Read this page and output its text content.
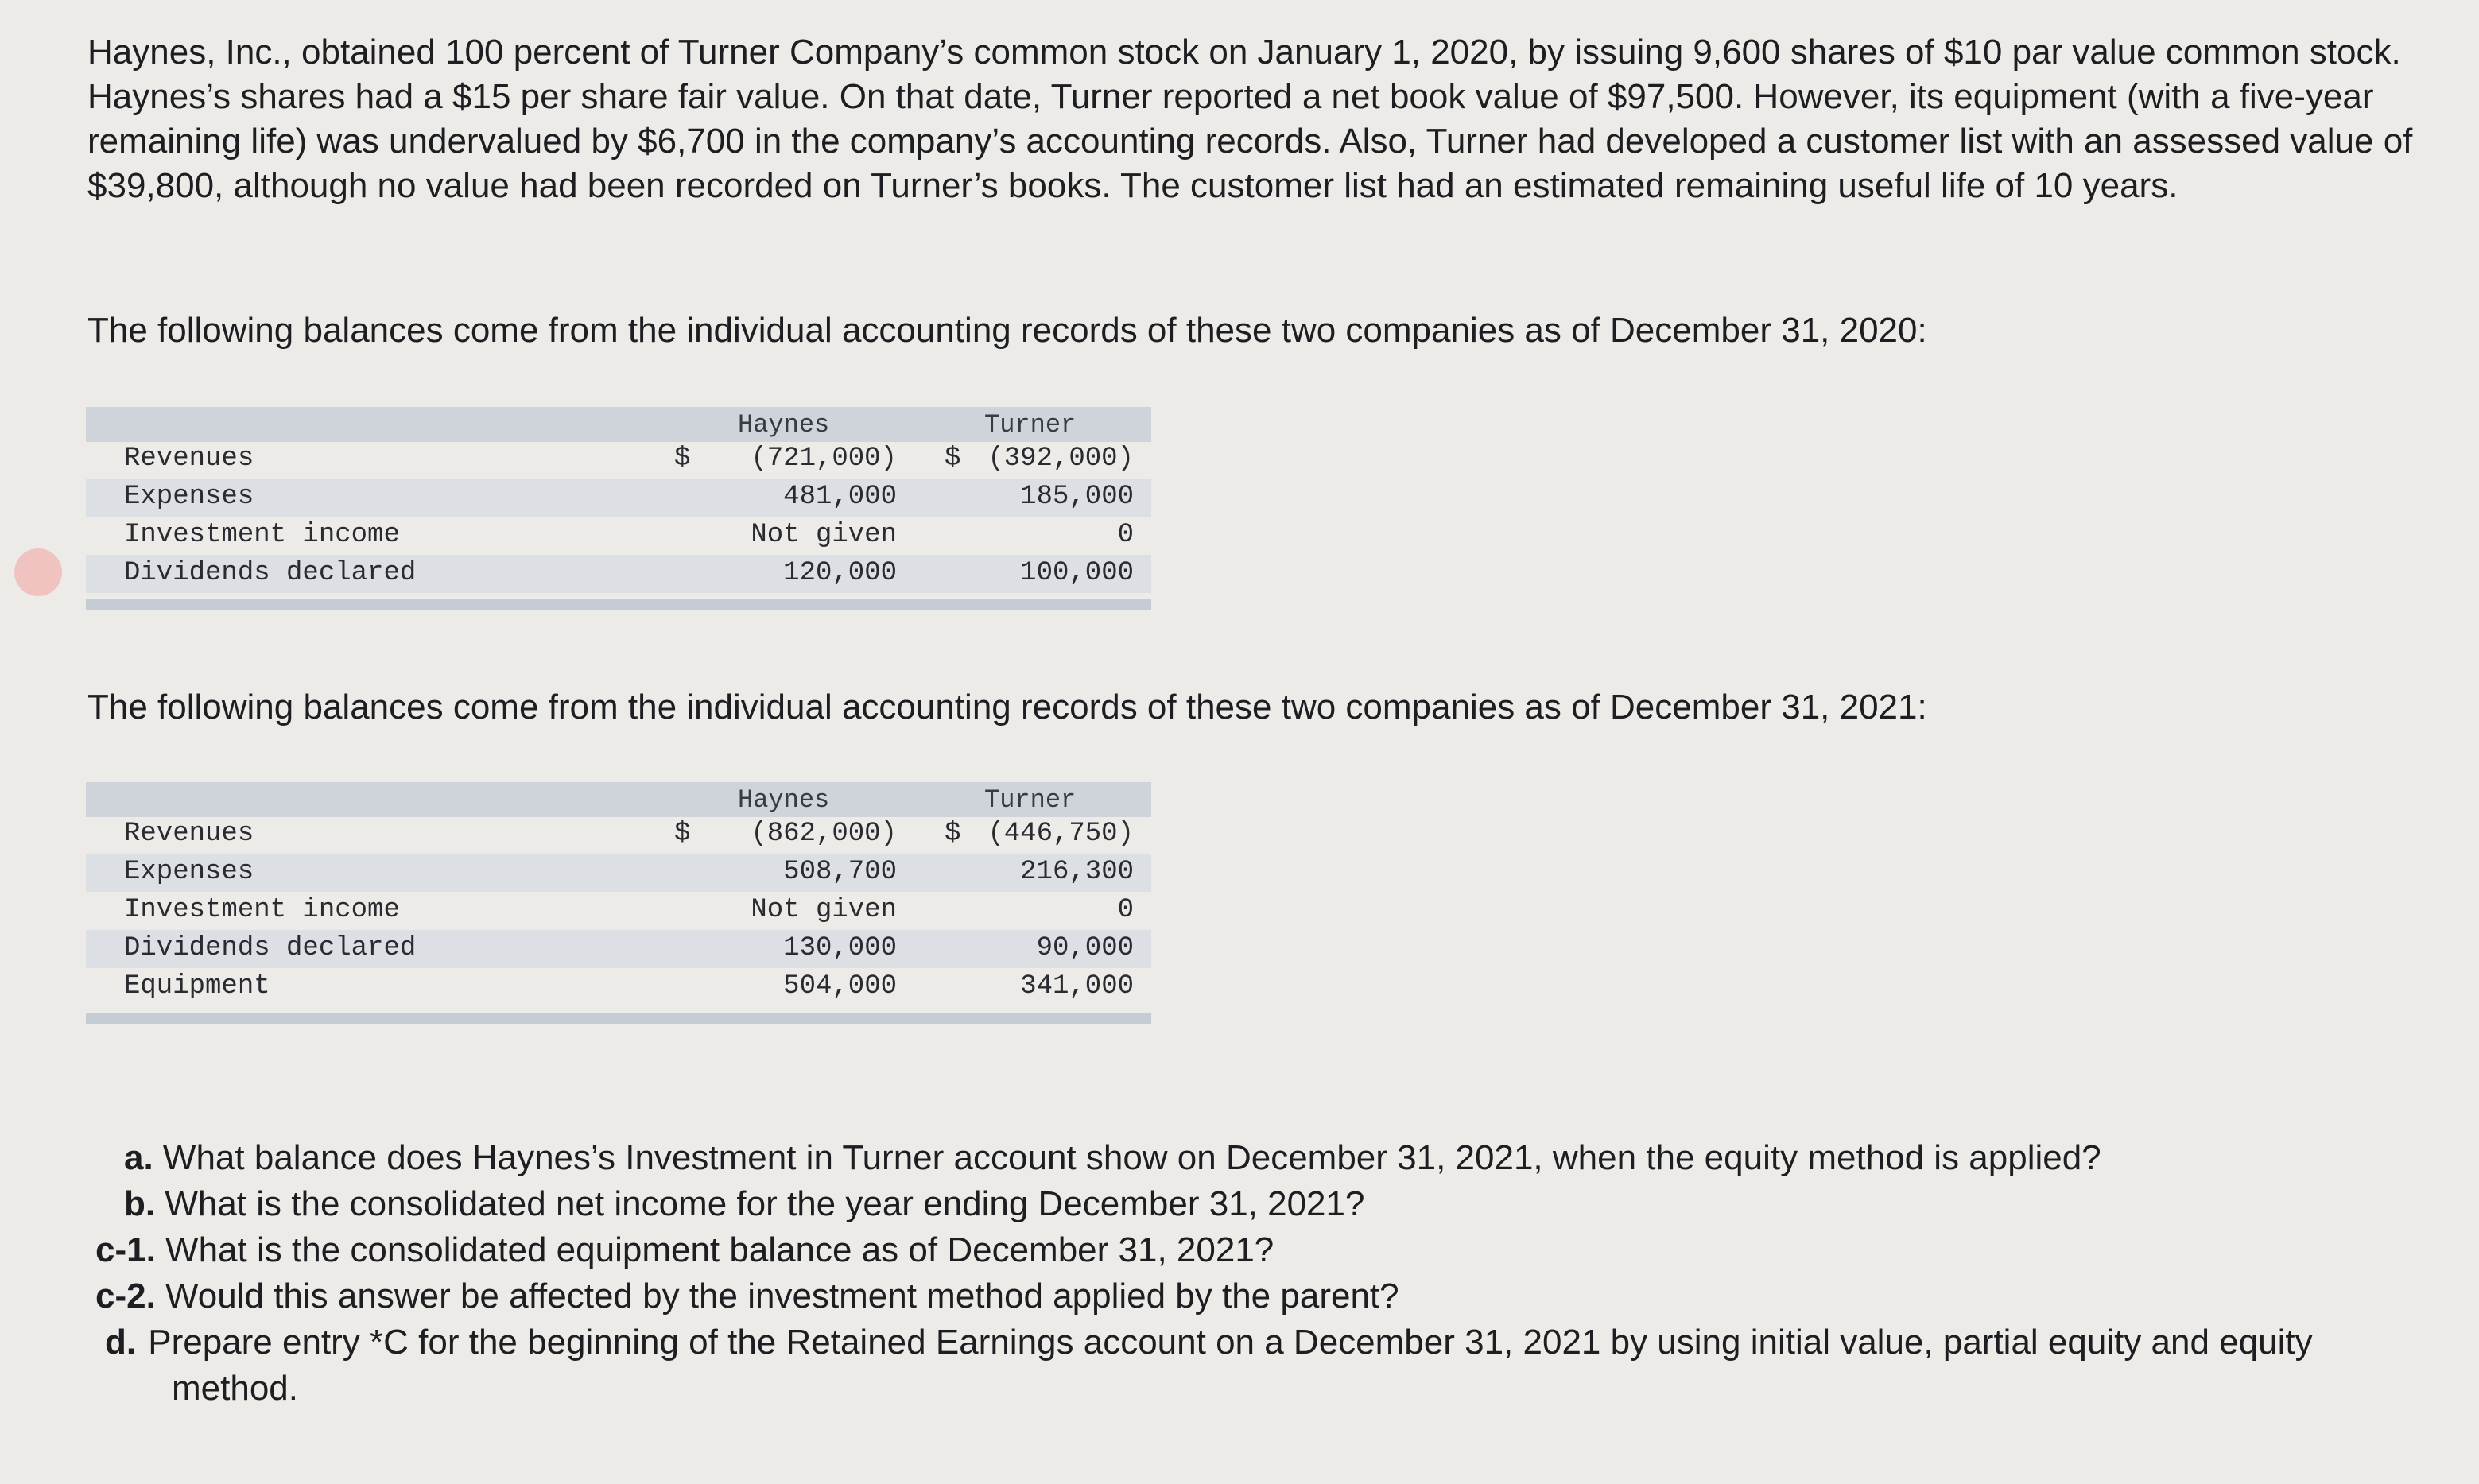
Haynes, Inc., obtained 100 percent of Turner Company’s common stock on January 1, 2020, by issuing 9,600 shares of $10 par value common stock. Haynes’s shares had a $15 per share fair value. On that date, Turner reported a net book value of $97,500. However, its equipment (with a five-year remaining life) was undervalued by $6,700 in the company’s accounting records. Also, Turner had developed a customer list with an assessed value of $39,800, although no value had been recorded on Turner’s books. The customer list had an estimated remaining useful life of 10 years.

The following balances come from the individual accounting records of these two companies as of December 31, 2020:

Haynes	Turner
Revenues	$ (721,000) $ (392,000)
Expenses	481,000	185,000
Investment income	Not given	0
Dividends declared	120,000	100,000

The following balances come from the individual accounting records of these two companies as of December 31, 2021:

Haynes	Turner
Revenues	$ (862,000) $ (446,750)
Expenses	508,700	216,300
Investment income	Not given	0
Dividends declared	130,000	90,000
Equipment	504,000	341,000
a. What balance does Haynes’s Investment in Turner account show on December 31, 2021, when the equity method is applied?
b. What is the consolidated net income for the year ending December 31, 2021?
c-1. What is the consolidated equipment balance as of December 31, 2021?
c-2. Would this answer be affected by the investment method applied by the parent?
d. Prepare entry *C for the beginning of the Retained Earnings account on a December 31, 2021 by using initial value, partial equity and equity method.
